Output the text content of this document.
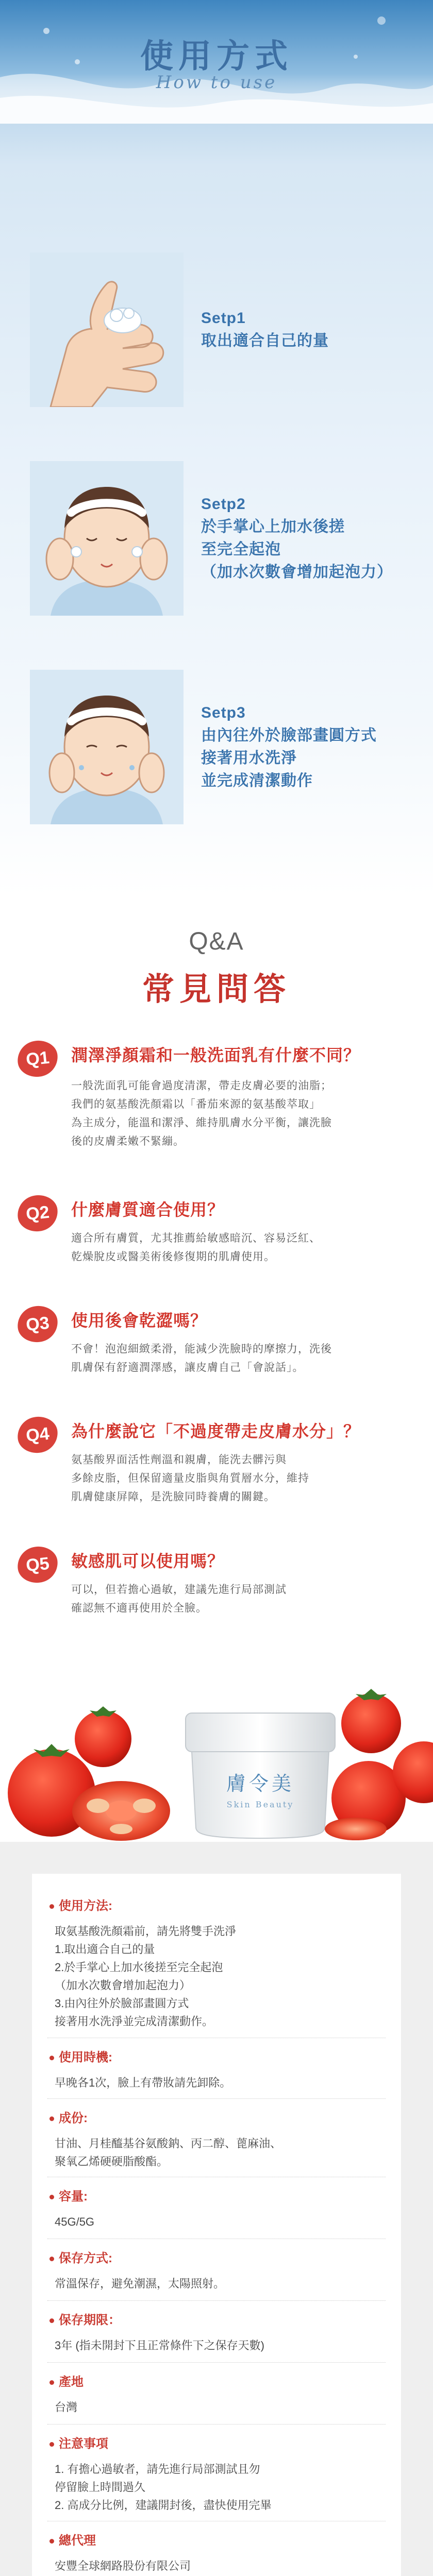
使用方式
How to use
Setp1
取出適合自己的量
Setp2
於手掌心上加水後搓
至完全起泡
（加水次數會增加起泡力）
Setp3
由內往外於臉部畫圓方式
接著用水洗淨
並完成清潔動作
Q&A
常見問答
Q1	潤澤淨顏霜和一般洗面乳有什麼不同？
一般洗面乳可能會過度清潔，帶走皮膚必要的油脂；
我們的氨基酸洗顏霜以「番茄來源的氨基酸萃取」
為主成分，能溫和潔淨、維持肌膚水分平衡，讓洗臉
後的皮膚柔嫩不緊繃。
Q2	什麼膚質適合使用？
適合所有膚質，尤其推薦給敏感暗沉、容易泛紅、
乾燥脫皮或醫美術後修復期的肌膚使用。
Q3	使用後會乾澀嗎？
不會！泡泡細緻柔滑，能減少洗臉時的摩擦力，洗後
肌膚保有舒適潤澤感，讓皮膚自己「會說話」。
Q4	為什麼說它「不過度帶走皮膚水分」？
氨基酸界面活性劑溫和親膚，能洗去髒污與
多餘皮脂，但保留適量皮脂與角質層水分，維持
肌膚健康屏障，是洗臉同時養膚的關鍵。
Q5	敏感肌可以使用嗎？
可以，但若擔心過敏，建議先進行局部測試
確認無不適再使用於全臉。
膚令美
Skin Beauty
使用方法:
取氨基酸洗顏霜前，請先將雙手洗淨
1.取出適合自己的量
2.於手掌心上加水後搓至完全起泡
（加水次數會增加起泡力）
3.由內往外於臉部畫圓方式
接著用水洗淨並完成清潔動作。
使用時機:
早晚各1次，臉上有帶妝請先卸除。
成份:
甘油、月桂醯基谷氨酸鈉、丙二醇、蓖麻油、
聚氧乙烯硬硬脂酸酯。
容量:
45G/5G
保存方式:
常溫保存，避免潮濕，太陽照射。
保存期限：
3年 (指未開封下且正常條件下之保存天數)
產地
台灣
注意事項
1. 有擔心過敏者，請先進行局部測試且勿
停留臉上時間過久
2. 高成分比例，建議開封後，盡快使用完畢
總代理
安豐全球網路股份有限公司
